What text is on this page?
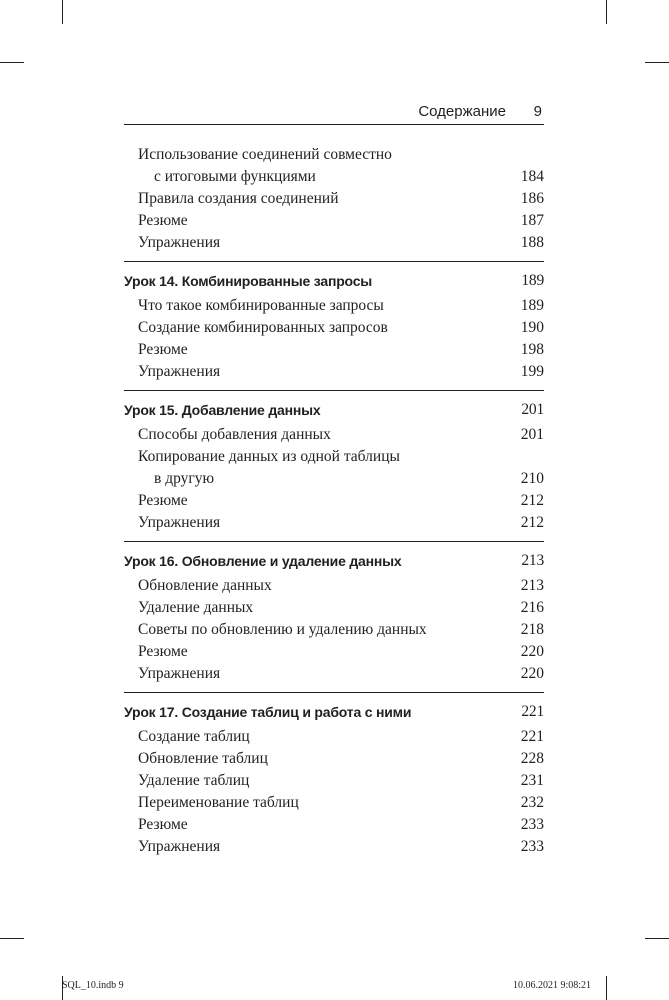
Содержание 9
Использование соединений совместно
с итоговыми функциями	184
Правила создания соединений	186
Резюме	187
Упражнения	188
Урок 14. Комбинированные запросы	189
Что такое комбинированные запросы	189
Создание комбинированных запросов	190
Резюме	198
Упражнения	199
Урок 15. Добавление данных	201
Способы добавления данных	201
Копирование данных из одной таблицы
в другую	210
Резюме	212
Упражнения	212
Урок 16. Обновление и удаление данных	213
Обновление данных	213
Удаление данных	216
Советы по обновлению и удалению данных	218
Резюме	220
Упражнения	220
Урок 17. Создание таблиц и работа с ними	221
Создание таблиц	221
Обновление таблиц	228
Удаление таблиц	231
Переименование таблиц	232
Резюме	233
Упражнения	233
SQL_10.indb 9	10.06.2021 9:08:21
